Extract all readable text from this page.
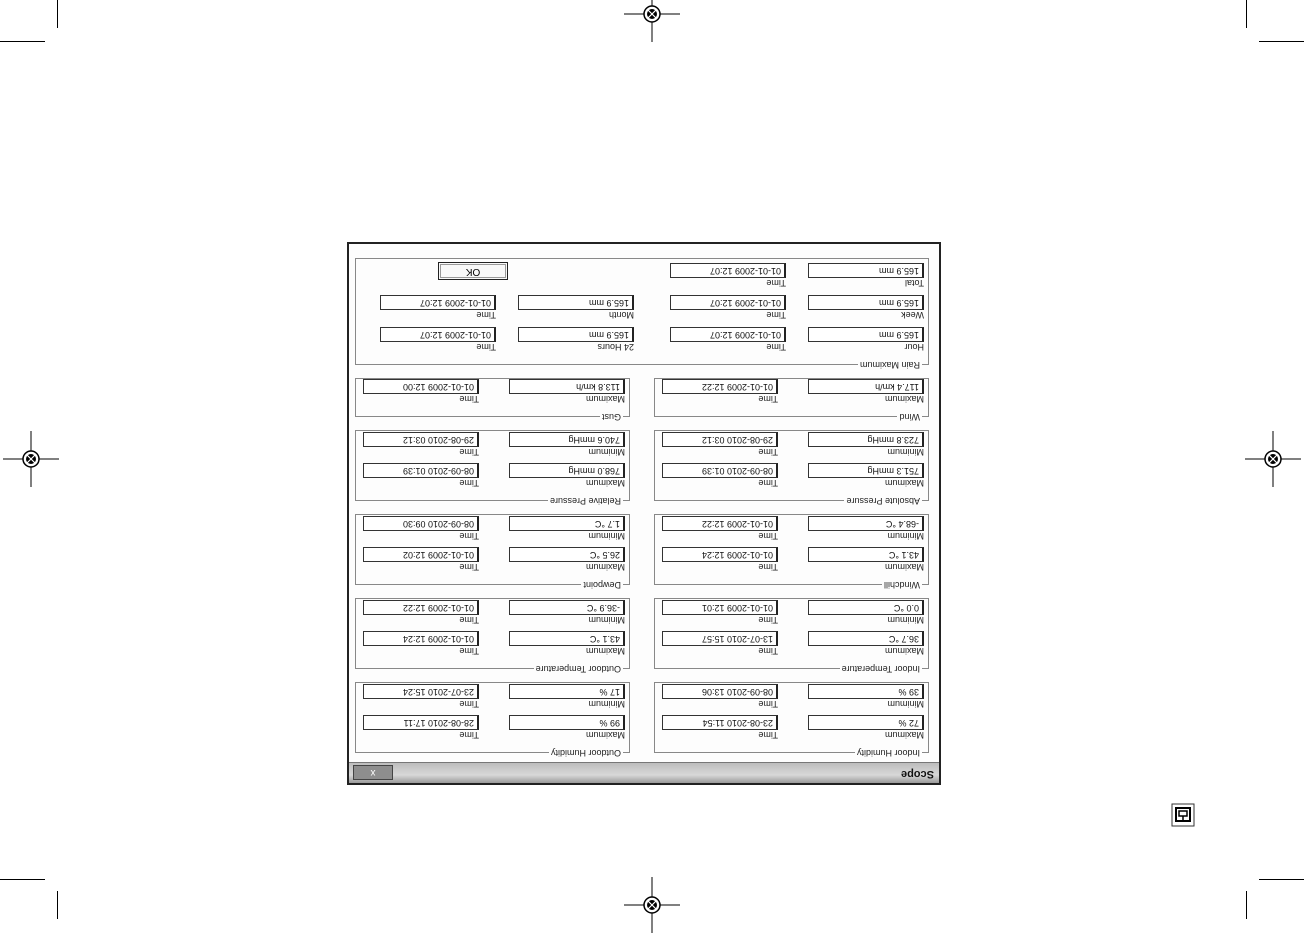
Scope
x
Indoor Humidity
Maximum
72 %
Time
23-08-2010 11:54
Minimum
39 %
Time
08-09-2010 13:06
Outdoor Humidity
Maximum
99 %
Time
28-08-2010 17:11
Minimum
17 %
Time
23-07-2010 15:24
Indoor Temperature
Maximum
36.7 °C
Time
13-07-2010 15:57
Minimum
0.0 °C
Time
01-01-2009 12:01
Outdoor Temperature
Maximum
43.1 °C
Time
01-01-2009 12:24
Minimum
-36.9 °C
Time
01-01-2009 12:22
Windchill
Maximum
43.1 °C
Time
01-01-2009 12:24
Minimum
-68.4 °C
Time
01-01-2009 12:22
Dewpoint
Maximum
26.5 °C
Time
01-01-2009 12:02
Minimum
1.7 °C
Time
08-09-2010 09:30
Absolute Pressure
Maximum
751.3 mmHg
Time
08-09-2010 01:39
Minimum
723.8 mmHg
Time
29-08-2010 03:12
Relative Pressure
Maximum
768.0 mmHg
Time
08-09-2010 01:39
Minimum
740.6 mmHg
Time
29-08-2010 03:12
Wind
Maximum
117.4 km/h
Time
01-01-2009 12:22
Gust
Maximum
113.8 km/h
Time
01-01-2009 12:00
Rain Maximum
Hour
165.9 mm
Time
01-01-2009 12:07
24 Hours
165.9 mm
Time
01-01-2009 12:07
Week
165.9 mm
Time
01-01-2009 12:07
Month
165.9 mm
Time
01-01-2009 12:07
Total
165.9 mm
Time
01-01-2009 12:07
OK
